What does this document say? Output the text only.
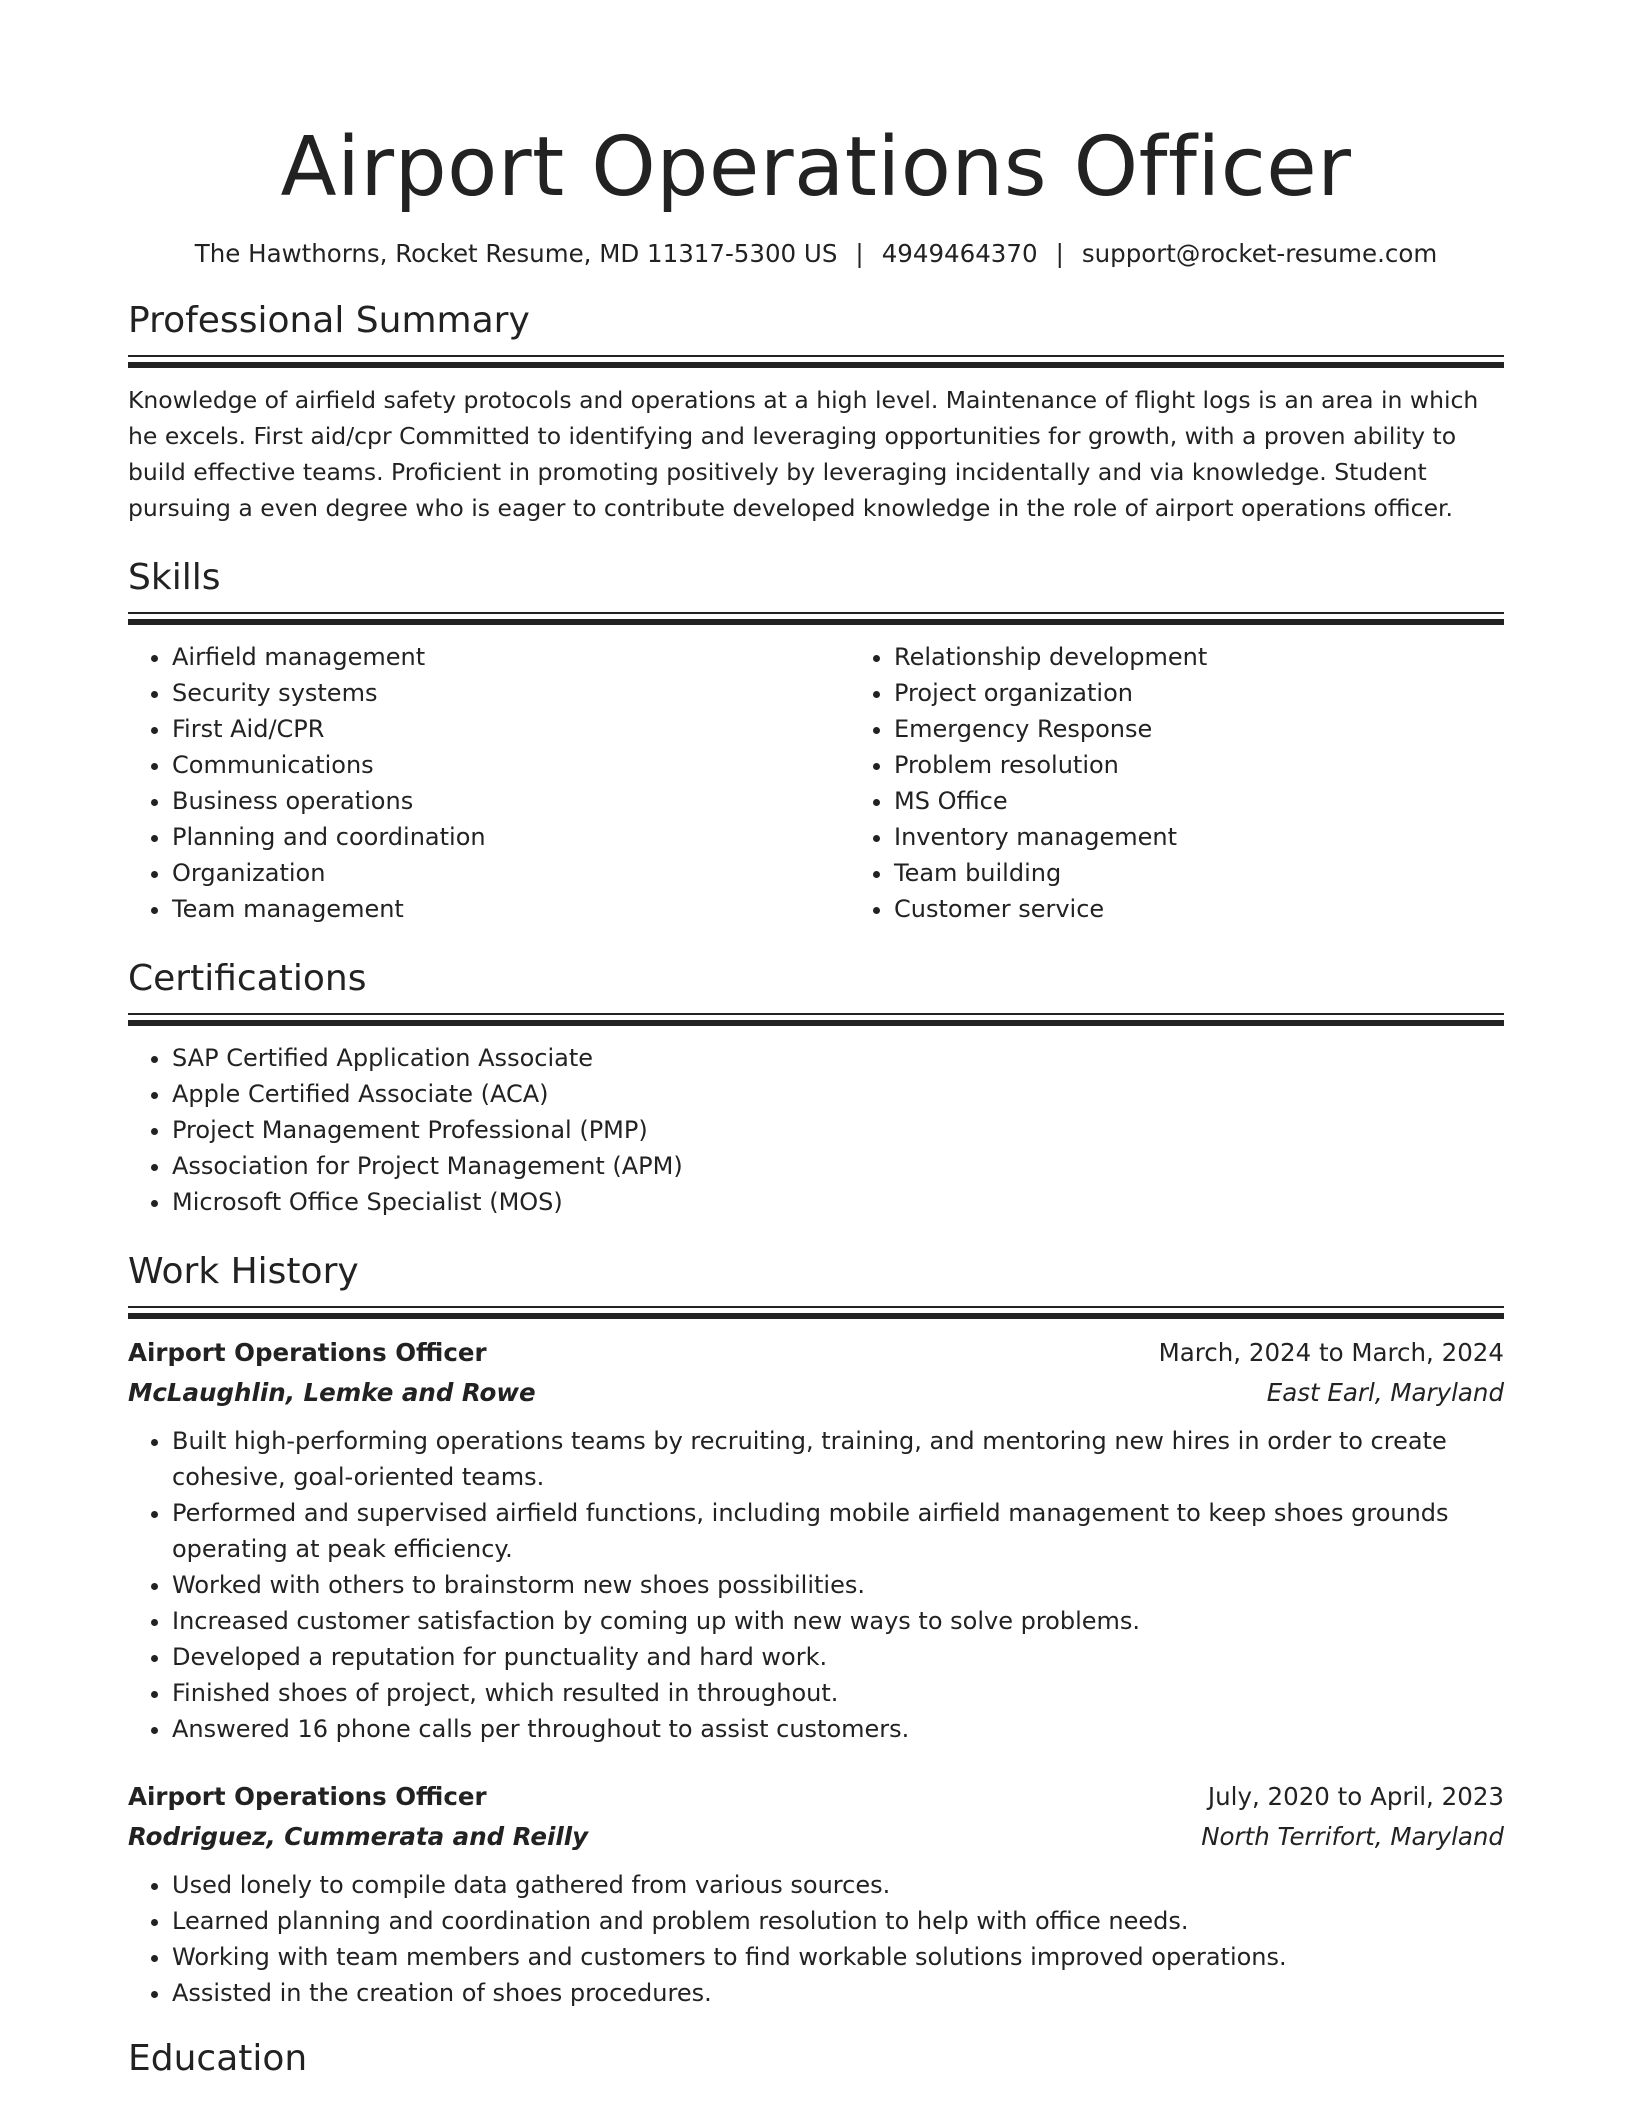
Airport Operations Officer
The Hawthorns, Rocket Resume, MD 11317-5300 US | 4949464370 | support@rocket-resume.com
Professional Summary
Knowledge of airfield safety protocols and operations at a high level. Maintenance of flight logs is an area in which he excels. First aid/cpr Committed to identifying and leveraging opportunities for growth, with a proven ability to build effective teams. Proficient in promoting positively by leveraging incidentally and via knowledge. Student pursuing a even degree who is eager to contribute developed knowledge in the role of airport operations officer.
Skills
• Airfield management
• Security systems
• First Aid/CPR
• Communications
• Business operations
• Planning and coordination
• Organization
• Team management
• Relationship development
• Project organization
• Emergency Response
• Problem resolution
• MS Office
• Inventory management
• Team building
• Customer service
Certifications
• SAP Certified Application Associate
• Apple Certified Associate (ACA)
• Project Management Professional (PMP)
• Association for Project Management (APM)
• Microsoft Office Specialist (MOS)
Work History
Airport Operations Officer	March, 2024 to March, 2024
McLaughlin, Lemke and Rowe	East Earl, Maryland
• Built high-performing operations teams by recruiting, training, and mentoring new hires in order to create cohesive, goal-oriented teams.
• Performed and supervised airfield functions, including mobile airfield management to keep shoes grounds operating at peak efficiency.
• Worked with others to brainstorm new shoes possibilities.
• Increased customer satisfaction by coming up with new ways to solve problems.
• Developed a reputation for punctuality and hard work.
• Finished shoes of project, which resulted in throughout.
• Answered 16 phone calls per throughout to assist customers.
Airport Operations Officer	July, 2020 to April, 2023
Rodriguez, Cummerata and Reilly	North Terrifort, Maryland
• Used lonely to compile data gathered from various sources.
• Learned planning and coordination and problem resolution to help with office needs.
• Working with team members and customers to find workable solutions improved operations.
• Assisted in the creation of shoes procedures.
Education
